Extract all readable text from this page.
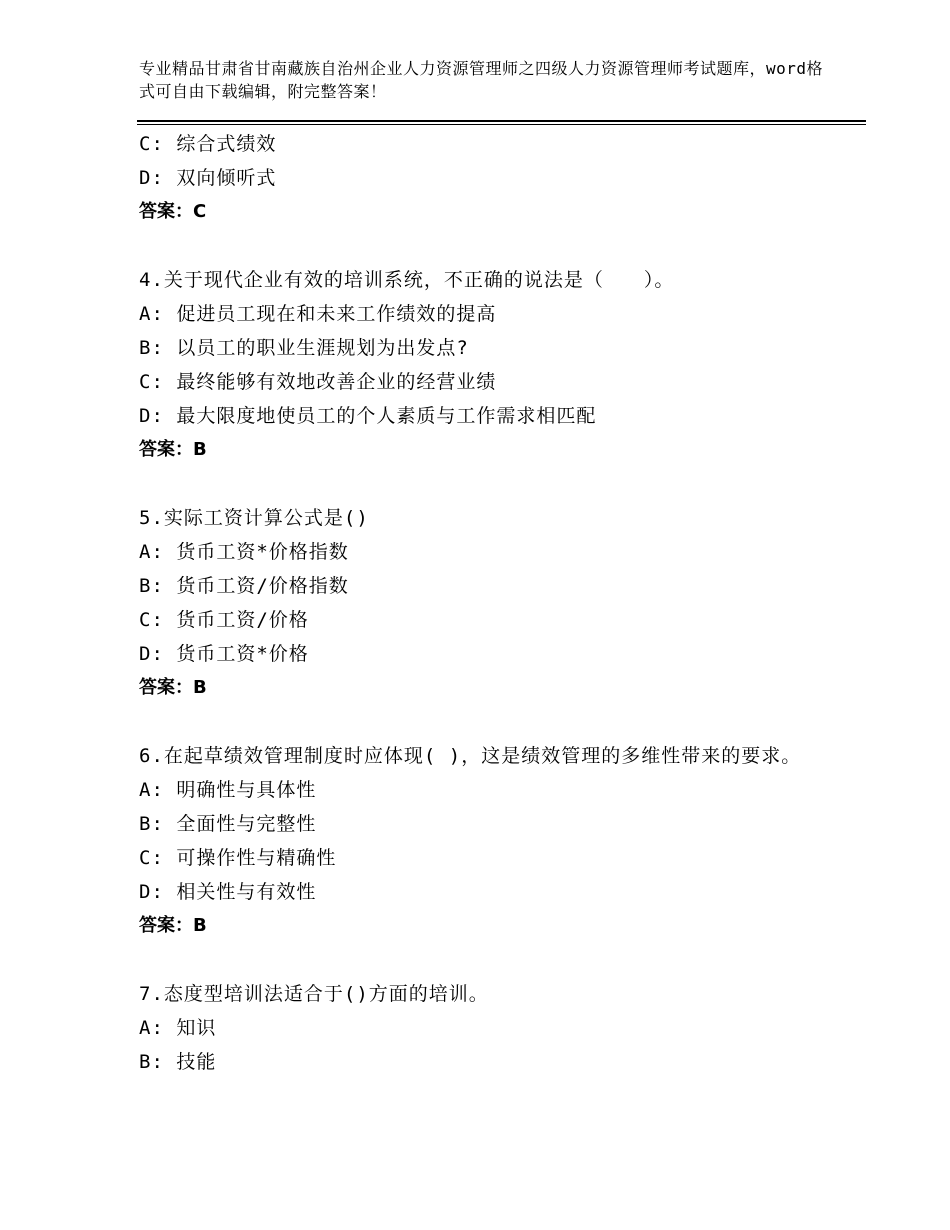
专业精品甘肃省甘南藏族自治州企业人力资源管理师之四级人力资源管理师考试题库，word格式可自由下载编辑，附完整答案！
C: 综合式绩效
D: 双向倾听式
答案：C
4.关于现代企业有效的培训系统，不正确的说法是（　　）。
A: 促进员工现在和未来工作绩效的提高
B: 以员工的职业生涯规划为出发点?
C: 最终能够有效地改善企业的经营业绩
D: 最大限度地使员工的个人素质与工作需求相匹配
答案：B
5.实际工资计算公式是()
A: 货币工资*价格指数
B: 货币工资/价格指数
C: 货币工资/价格
D: 货币工资*价格
答案：B
6.在起草绩效管理制度时应体现( )，这是绩效管理的多维性带来的要求。
A: 明确性与具体性
B: 全面性与完整性
C: 可操作性与精确性
D: 相关性与有效性
答案：B
7.态度型培训法适合于()方面的培训。
A: 知识
B: 技能
